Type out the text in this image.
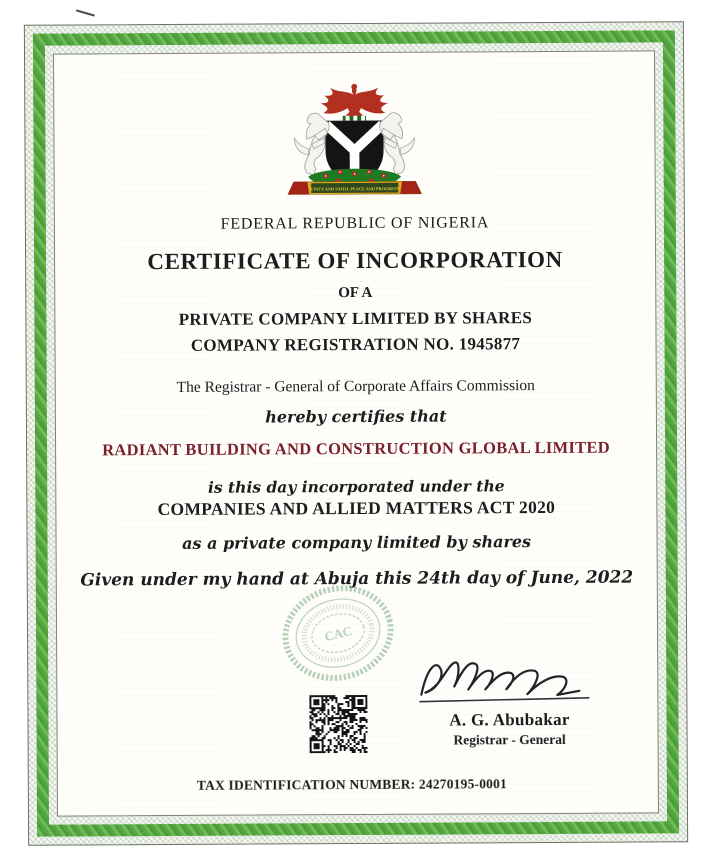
UNITY AND FAITH, PEACE AND PROGRESS
FEDERAL REPUBLIC OF NIGERIA
CERTIFICATE OF INCORPORATION
OF A
PRIVATE COMPANY LIMITED BY SHARES
COMPANY REGISTRATION NO. 1945877
The Registrar - General of Corporate Affairs Commission
hereby certifies that
RADIANT BUILDING AND CONSTRUCTION GLOBAL LIMITED
is this day incorporated under the
COMPANIES AND ALLIED MATTERS ACT 2020
as a private company limited by shares
Given under my hand at Abuja this 24th day of June, 2022
CAC
A. G. Abubakar
Registrar - General
TAX IDENTIFICATION NUMBER: 24270195-0001
